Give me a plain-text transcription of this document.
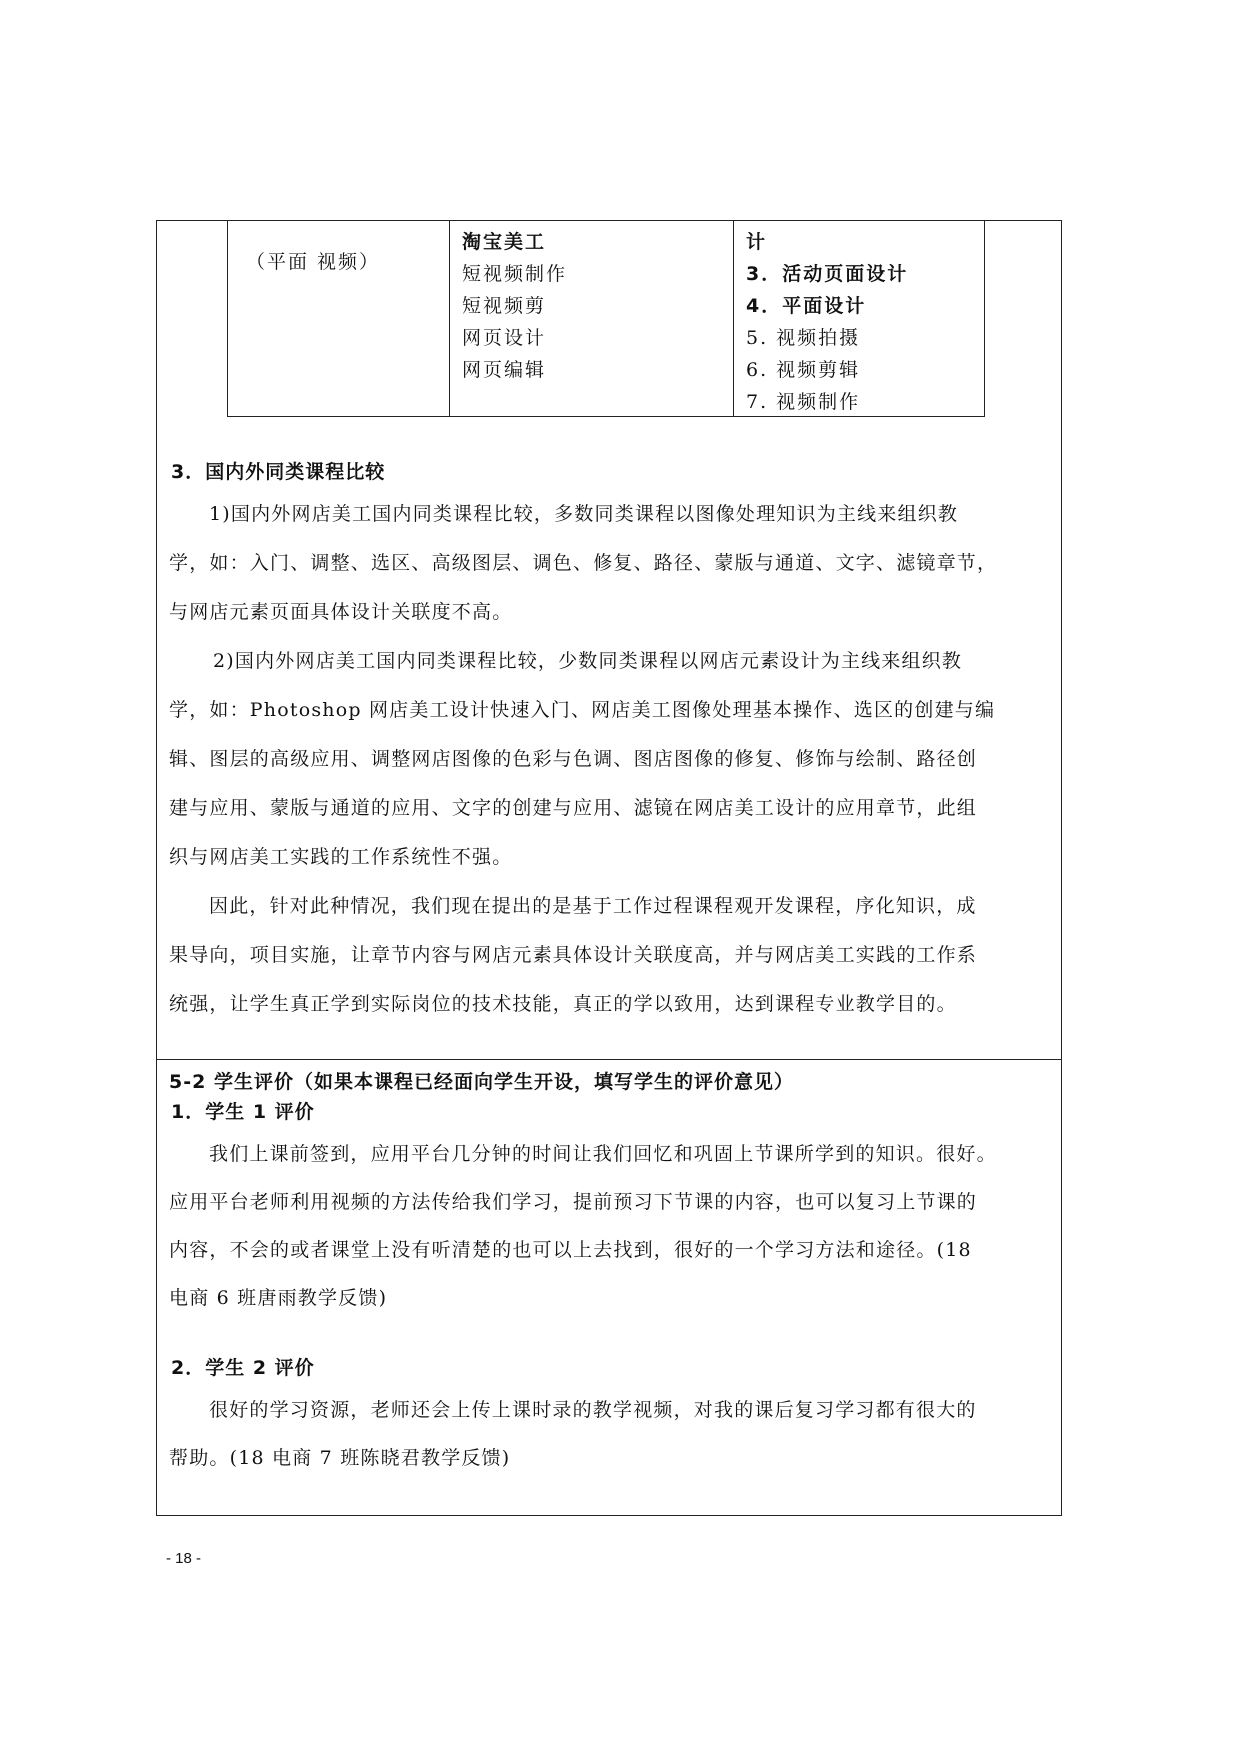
（平面 视频）
淘宝美工
短视频制作
短视频剪
网页设计
网页编辑
计
3．活动页面设计
4．平面设计
5. 视频拍摄
6. 视频剪辑
7. 视频制作
3．国内外同类课程比较
1)国内外网店美工国内同类课程比较，多数同类课程以图像处理知识为主线来组织教
学，如：入门、调整、选区、高级图层、调色、修复、路径、蒙版与通道、文字、滤镜章节，
与网店元素页面具体设计关联度不高。
2)国内外网店美工国内同类课程比较，少数同类课程以网店元素设计为主线来组织教
学，如：Photoshop 网店美工设计快速入门、网店美工图像处理基本操作、选区的创建与编
辑、图层的高级应用、调整网店图像的色彩与色调、图店图像的修复、修饰与绘制、路径创
建与应用、蒙版与通道的应用、文字的创建与应用、滤镜在网店美工设计的应用章节，此组
织与网店美工实践的工作系统性不强。
因此，针对此种情况，我们现在提出的是基于工作过程课程观开发课程，序化知识，成
果导向，项目实施，让章节内容与网店元素具体设计关联度高，并与网店美工实践的工作系
统强，让学生真正学到实际岗位的技术技能，真正的学以致用，达到课程专业教学目的。
5-2 学生评价（如果本课程已经面向学生开设，填写学生的评价意见）
1．学生 1 评价
我们上课前签到，应用平台几分钟的时间让我们回忆和巩固上节课所学到的知识。很好。
应用平台老师利用视频的方法传给我们学习，提前预习下节课的内容，也可以复习上节课的
内容，不会的或者课堂上没有听清楚的也可以上去找到，很好的一个学习方法和途径。(18
电商 6 班唐雨教学反馈)
2．学生 2 评价
很好的学习资源，老师还会上传上课时录的教学视频，对我的课后复习学习都有很大的
帮助。(18 电商 7 班陈晓君教学反馈)
- 18 -
